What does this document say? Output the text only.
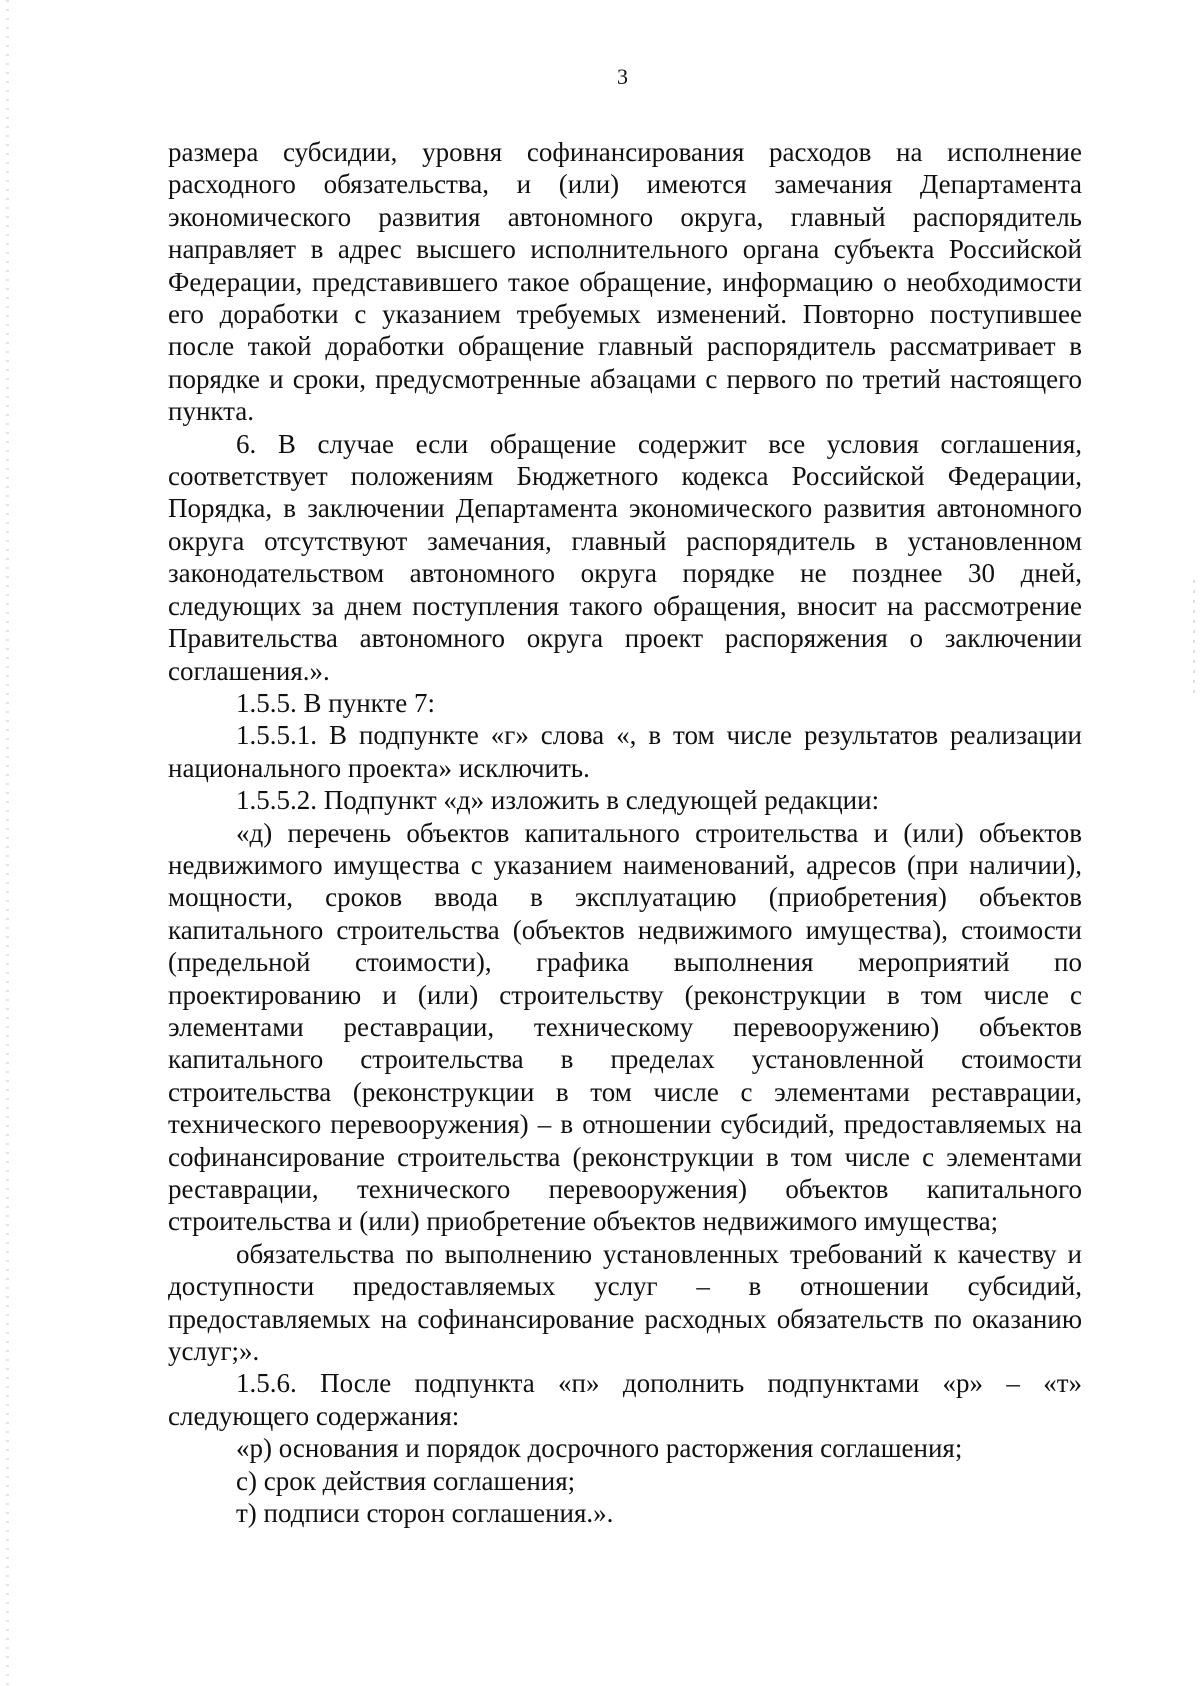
3

размера субсидии, уровня софинансирования расходов на исполнение расходного обязательства, и (или) имеются замечания Департамента экономического развития автономного округа, главный распорядитель направляет в адрес высшего исполнительного органа субъекта Российской Федерации, представившего такое обращение, информацию о необходимости его доработки с указанием требуемых изменений. Повторно поступившее после такой доработки обращение главный распорядитель рассматривает в порядке и сроки, предусмотренные абзацами с первого по третий настоящего пункта.

6. В случае если обращение содержит все условия соглашения, соответствует положениям Бюджетного кодекса Российской Федерации, Порядка, в заключении Департамента экономического развития автономного округа отсутствуют замечания, главный распорядитель в установленном законодательством автономного округа порядке не позднее 30 дней, следующих за днем поступления такого обращения, вносит на рассмотрение Правительства автономного округа проект распоряжения о заключении соглашения.».

1.5.5. В пункте 7:

1.5.5.1. В подпункте «г» слова «, в том числе результатов реализации национального проекта» исключить.

1.5.5.2. Подпункт «д» изложить в следующей редакции:

«д) перечень объектов капитального строительства и (или) объектов недвижимого имущества с указанием наименований, адресов (при наличии), мощности, сроков ввода в эксплуатацию (приобретения) объектов капитального строительства (объектов недвижимого имущества), стоимости (предельной стоимости), графика выполнения мероприятий по проектированию и (или) строительству (реконструкции в том числе с элементами реставрации, техническому перевооружению) объектов капитального строительства в пределах установленной стоимости строительства (реконструкции в том числе с элементами реставрации, технического перевооружения) – в отношении субсидий, предоставляемых на софинансирование строительства (реконструкции в том числе с элементами реставрации, технического перевооружения) объектов капитального строительства и (или) приобретение объектов недвижимого имущества;

обязательства по выполнению установленных требований к качеству и доступности предоставляемых услуг – в отношении субсидий, предоставляемых на софинансирование расходных обязательств по оказанию услуг;».

1.5.6. После подпункта «п» дополнить подпунктами «р» – «т» следующего содержания:

«р) основания и порядок досрочного расторжения соглашения;

с) срок действия соглашения;

т) подписи сторон соглашения.».
